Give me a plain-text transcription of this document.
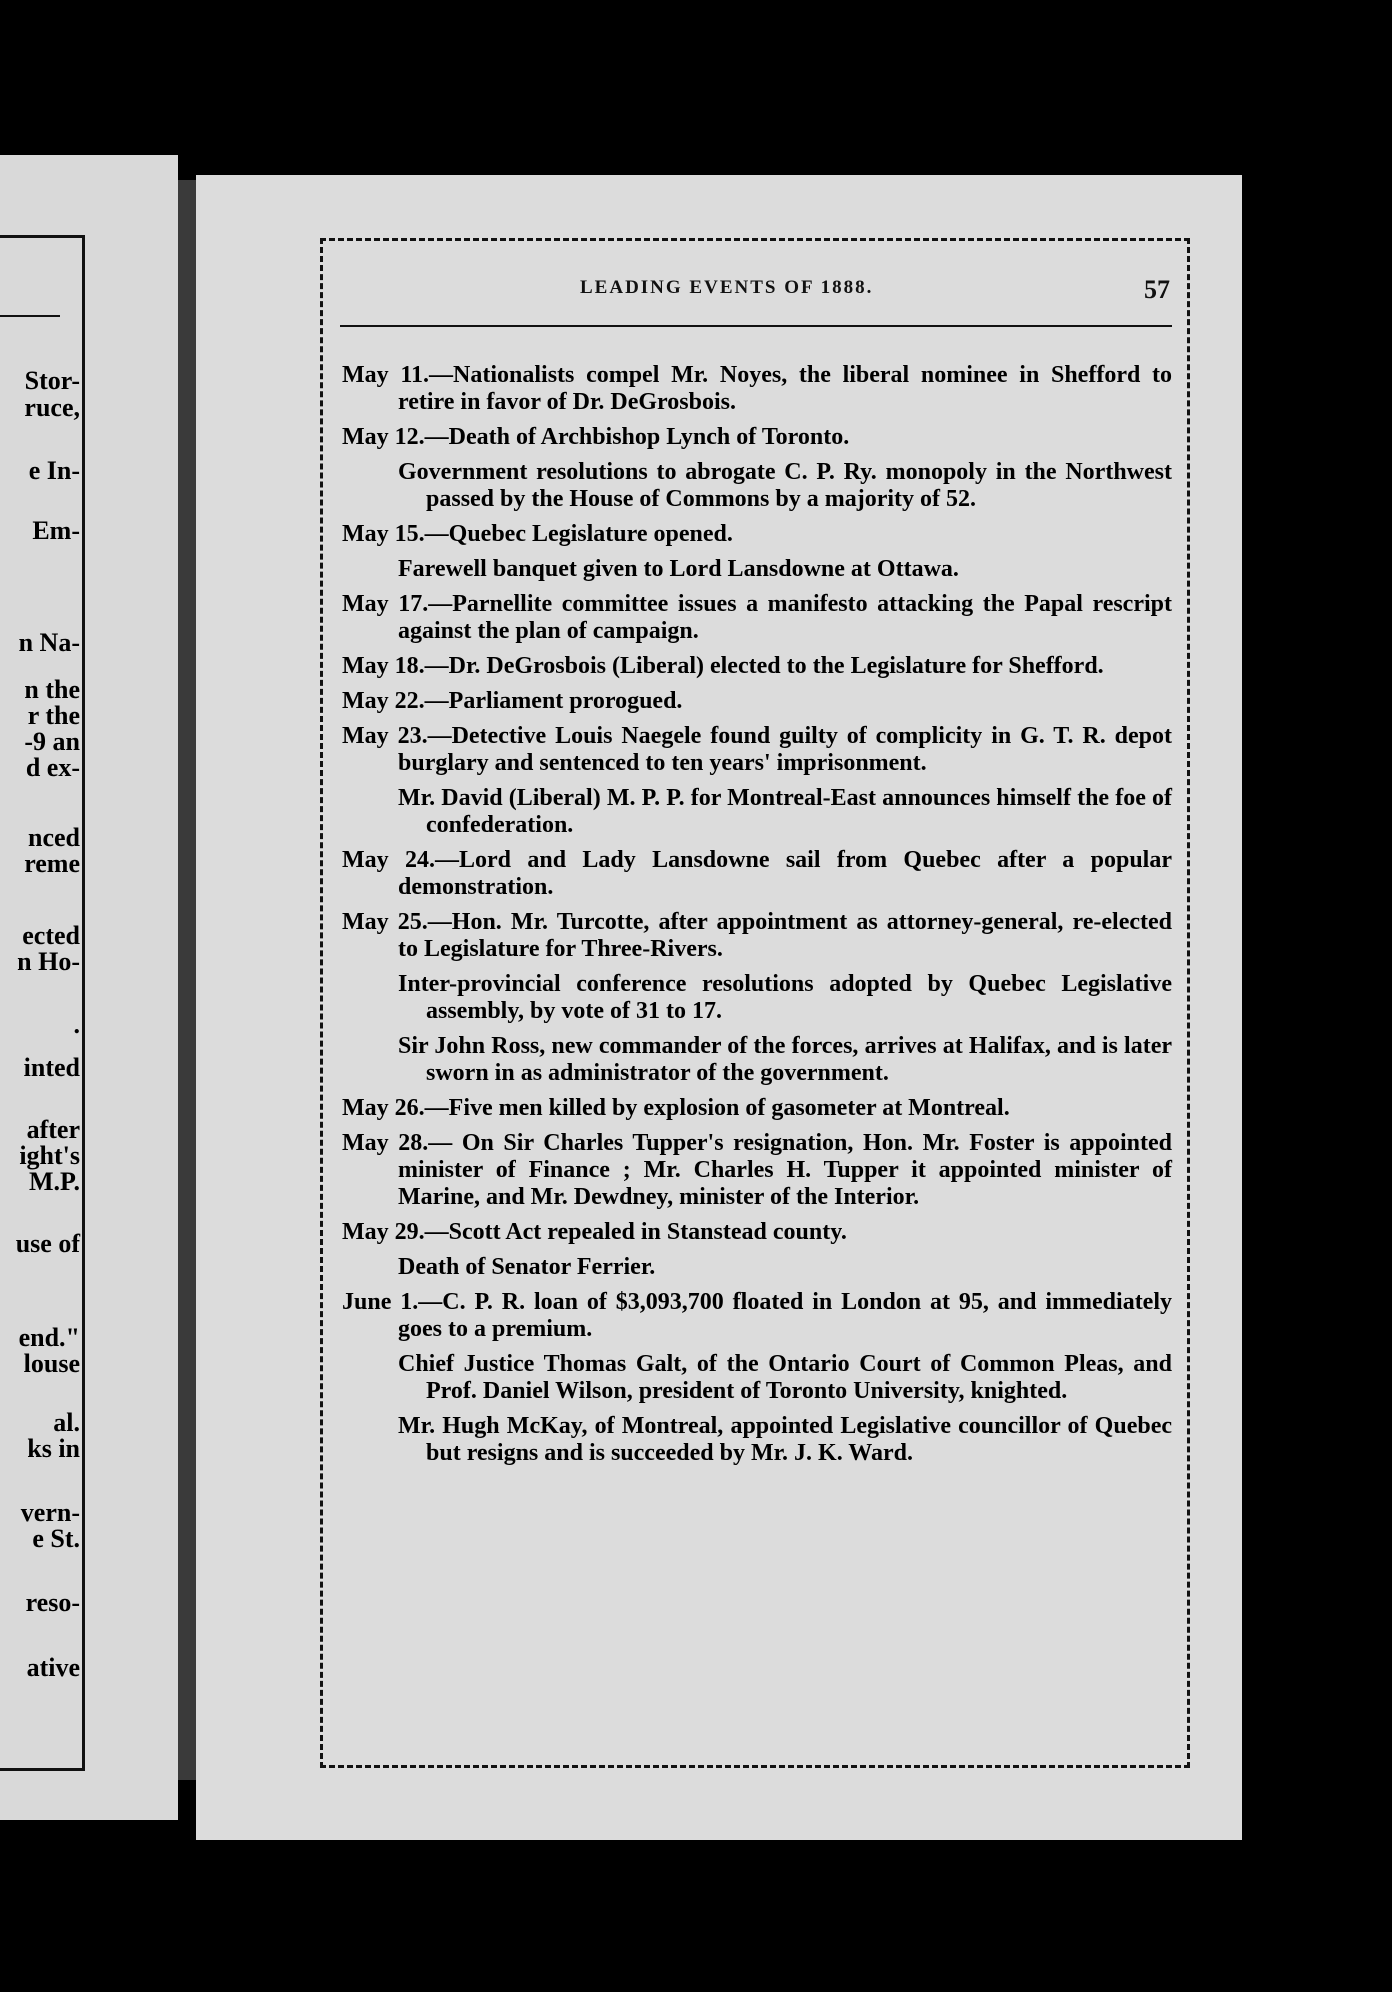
LEADING EVENTS OF 1888.	57

May 11.—Nationalists compel Mr. Noyes, the liberal nominee in Shefford to retire in favor of Dr. DeGrosbois.

May 12.—Death of Archbishop Lynch of Toronto.

Government resolutions to abrogate C. P. Ry. monopoly in the Northwest passed by the House of Commons by a majority of 52.

May 15.—Quebec Legislature opened.

Farewell banquet given to Lord Lansdowne at Ottawa.

May 17.—Parnellite committee issues a manifesto attacking the Papal rescript against the plan of campaign.

May 18.—Dr. DeGrosbois (Liberal) elected to the Legislature for Shefford.

May 22.—Parliament prorogued.

May 23.—Detective Louis Naegele found guilty of complicity in G. T. R. depot burglary and sentenced to ten years' imprisonment.

Mr. David (Liberal) M. P. P. for Montreal-East announces himself the foe of confederation.

May 24.—Lord and Lady Lansdowne sail from Quebec after a popular demonstration.

May 25.—Hon. Mr. Turcotte, after appointment as attorney-general, re-elected to Legislature for Three-Rivers.

Inter-provincial conference resolutions adopted by Quebec Legislative assembly, by vote of 31 to 17.

Sir John Ross, new commander of the forces, arrives at Halifax, and is later sworn in as administrator of the government.

May 26.—Five men killed by explosion of gasometer at Montreal.

May 28.— On Sir Charles Tupper's resignation, Hon. Mr. Foster is appointed minister of Finance ; Mr. Charles H. Tupper it appointed minister of Marine, and Mr. Dewdney, minister of the Interior.

May 29.—Scott Act repealed in Stanstead county.

Death of Senator Ferrier.

June 1.—C. P. R. loan of $3,093,700 floated in London at 95, and immediately goes to a premium.

Chief Justice Thomas Galt, of the Ontario Court of Common Pleas, and Prof. Daniel Wilson, president of Toronto University, knighted.

Mr. Hugh McKay, of Montreal, appointed Legislative councillor of Quebec but resigns and is succeeded by Mr. J. K. Ward.

Stor-
ruce,
e In-
Em-
n Na-
n the
r the
-9 an
d ex-
nced
reme
ected
n Ho-
.
inted
after
ight's
M.P.
use of
end."
louse
al.
ks in
vern-
e St.
reso-
ative
